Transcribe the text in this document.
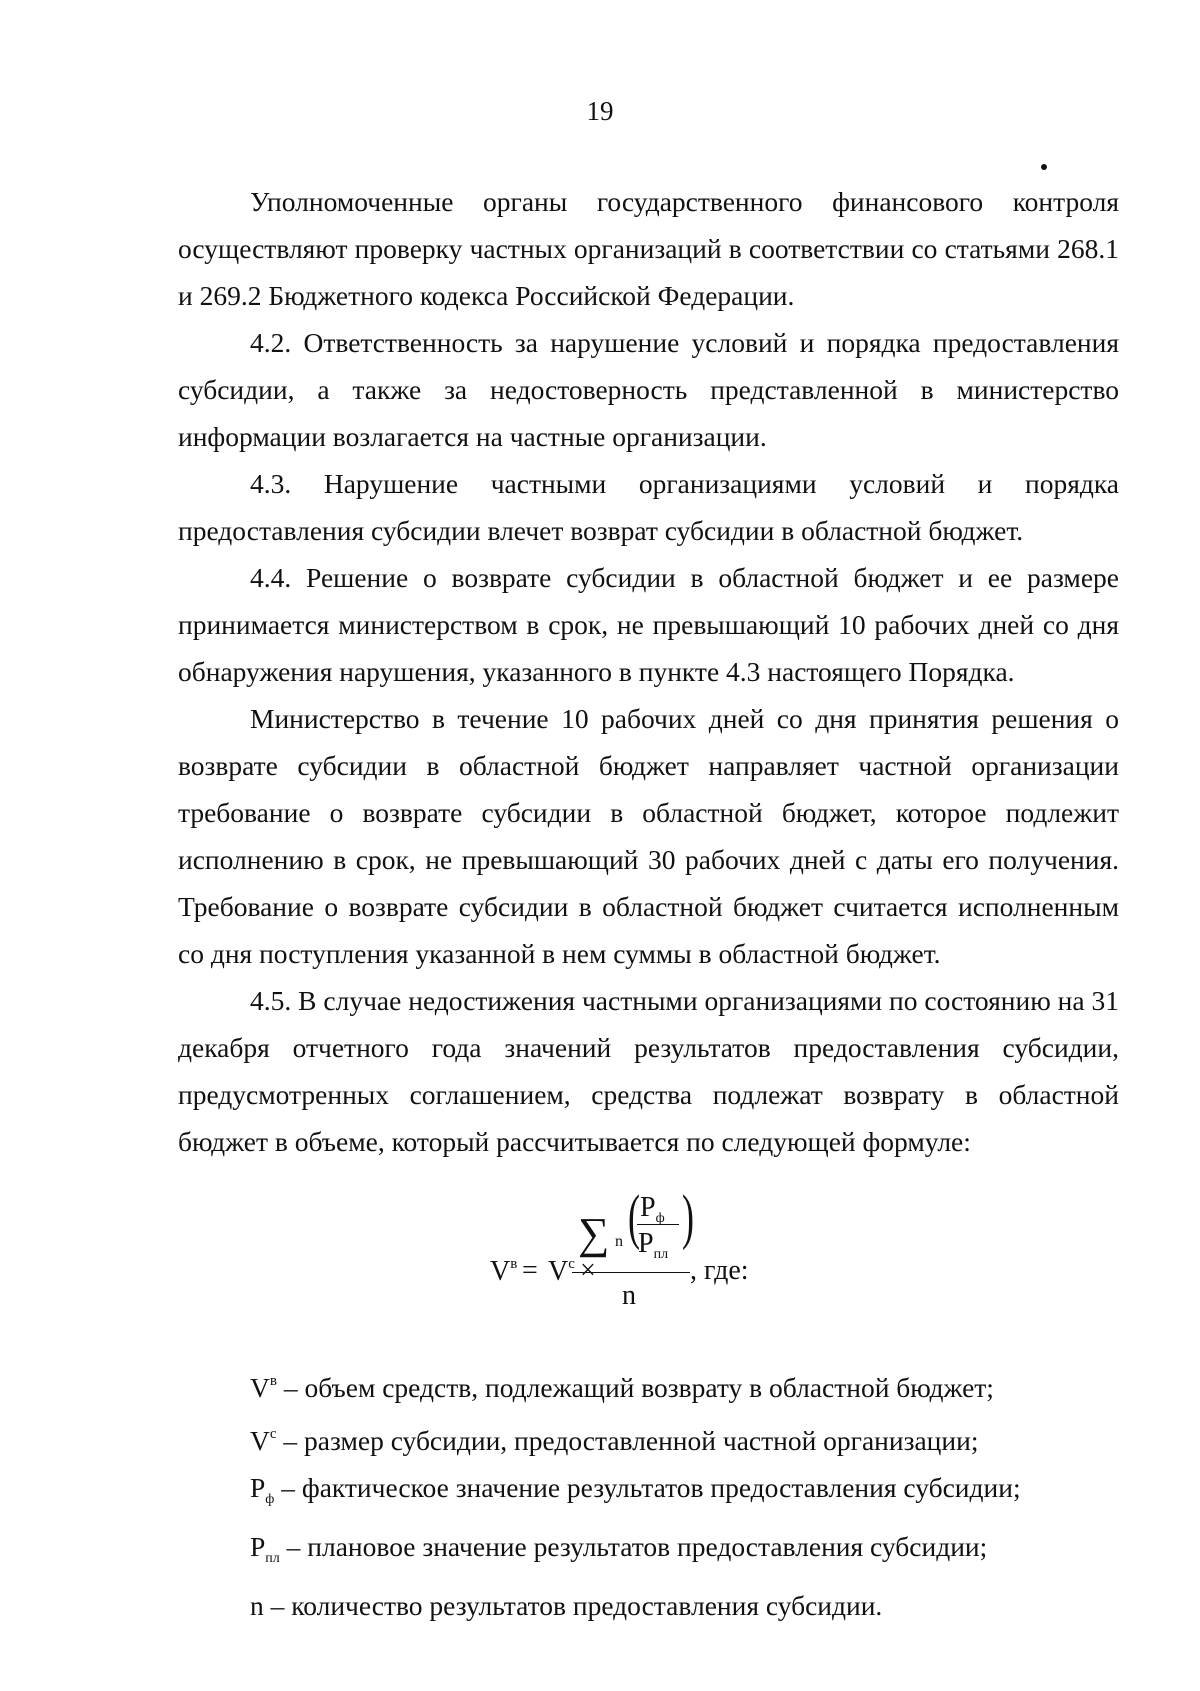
19

Уполномоченные органы государственного финансового контроля осуществляют проверку частных организаций в соответствии со статьями 268.1 и 269.2 Бюджетного кодекса Российской Федерации.

4.2. Ответственность за нарушение условий и порядка предоставления субсидии, а также за недостоверность представленной в министерство информации возлагается на частные организации.

4.3. Нарушение частными организациями условий и порядка предоставления субсидии влечет возврат субсидии в областной бюджет.

4.4. Решение о возврате субсидии в областной бюджет и ее размере принимается министерством в срок, не превышающий 10 рабочих дней со дня обнаружения нарушения, указанного в пункте 4.3 настоящего Порядка.

Министерство в течение 10 рабочих дней со дня принятия решения о возврате субсидии в областной бюджет направляет частной организации требование о возврате субсидии в областной бюджет, которое подлежит исполнению в срок, не превышающий 30 рабочих дней с даты его получения. Требование о возврате субсидии в областной бюджет считается исполненным со дня поступления указанной в нем суммы в областной бюджет.

4.5. В случае недостижения частными организациями по состоянию на 31 декабря отчетного года значений результатов предоставления субсидии, предусмотренных соглашением, средства подлежат возврату в областной бюджет в объеме, который рассчитывается по следующей формуле:

$V^в = V^с$ ×
∑ n ( $P_ф$
$P_{пл}$
)
n
, где:
$V^в$ – объем средств, подлежащий возврату в областной бюджет;
$V^с$ – размер субсидии, предоставленной частной организации;
$P_ф$ – фактическое значение результатов предоставления субсидии;
$P_{пл}$ – плановое значение результатов предоставления субсидии;
n – количество результатов предоставления субсидии.
